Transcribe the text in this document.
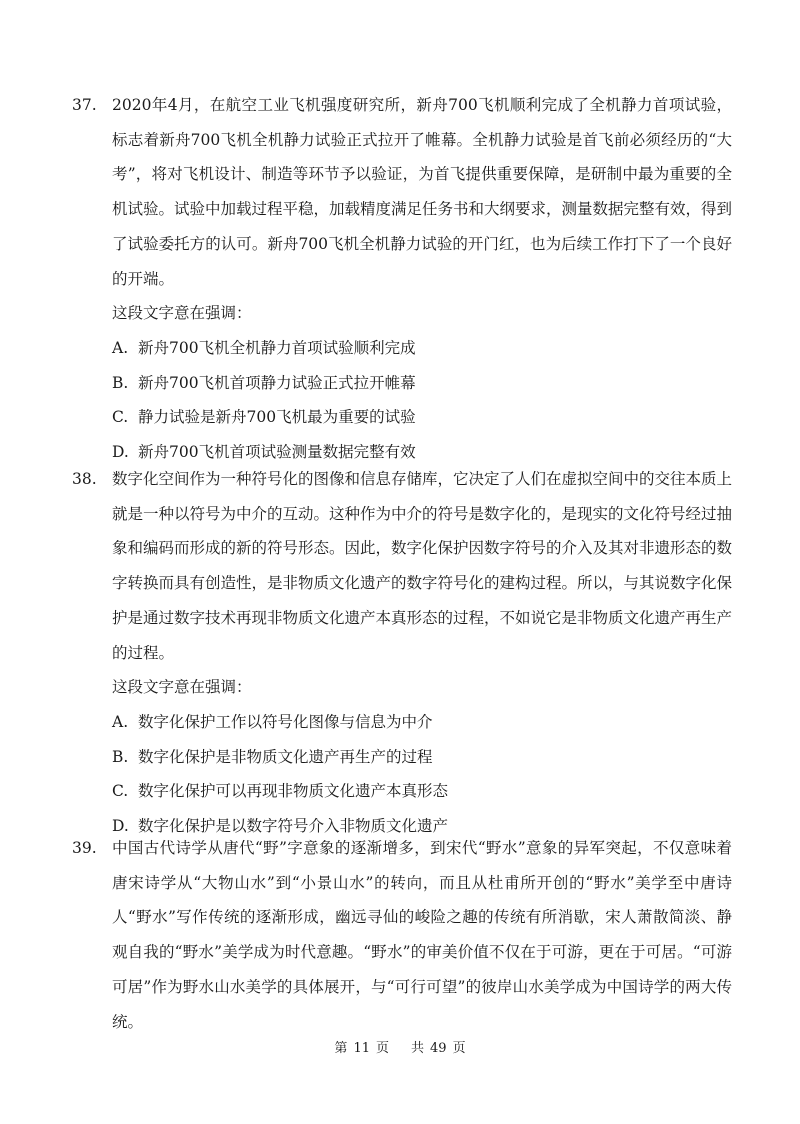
37. 2020年4月，在航空工业飞机强度研究所，新舟700飞机顺利完成了全机静力首项试验，标志着新舟700飞机全机静力试验正式拉开了帷幕。全机静力试验是首飞前必须经历的“大考”，将对飞机设计、制造等环节予以验证，为首飞提供重要保障，是研制中最为重要的全机试验。试验中加载过程平稳，加载精度满足任务书和大纲要求，测量数据完整有效，得到了试验委托方的认可。新舟700飞机全机静力试验的开门红，也为后续工作打下了一个良好的开端。
这段文字意在强调：
A. 新舟700飞机全机静力首项试验顺利完成
B. 新舟700飞机首项静力试验正式拉开帷幕
C. 静力试验是新舟700飞机最为重要的试验
D. 新舟700飞机首项试验测量数据完整有效
38. 数字化空间作为一种符号化的图像和信息存储库，它决定了人们在虚拟空间中的交往本质上就是一种以符号为中介的互动。这种作为中介的符号是数字化的，是现实的文化符号经过抽象和编码而形成的新的符号形态。因此，数字化保护因数字符号的介入及其对非遗形态的数字转换而具有创造性，是非物质文化遗产的数字符号化的建构过程。所以，与其说数字化保护是通过数字技术再现非物质文化遗产本真形态的过程，不如说它是非物质文化遗产再生产的过程。
这段文字意在强调：
A. 数字化保护工作以符号化图像与信息为中介
B. 数字化保护是非物质文化遗产再生产的过程
C. 数字化保护可以再现非物质文化遗产本真形态
D. 数字化保护是以数字符号介入非物质文化遗产
39. 中国古代诗学从唐代“野”字意象的逐渐增多，到宋代“野水”意象的异军突起，不仅意味着唐宋诗学从“大物山水”到“小景山水”的转向，而且从杜甫所开创的“野水”美学至中唐诗人“野水”写作传统的逐渐形成，幽远寻仙的峻险之趣的传统有所消歇，宋人萧散简淡、静观自我的“野水”美学成为时代意趣。“野水”的审美价值不仅在于可游，更在于可居。“可游可居”作为野水山水美学的具体展开，与“可行可望”的彼岸山水美学成为中国诗学的两大传统。
第 11 页 共 49 页
